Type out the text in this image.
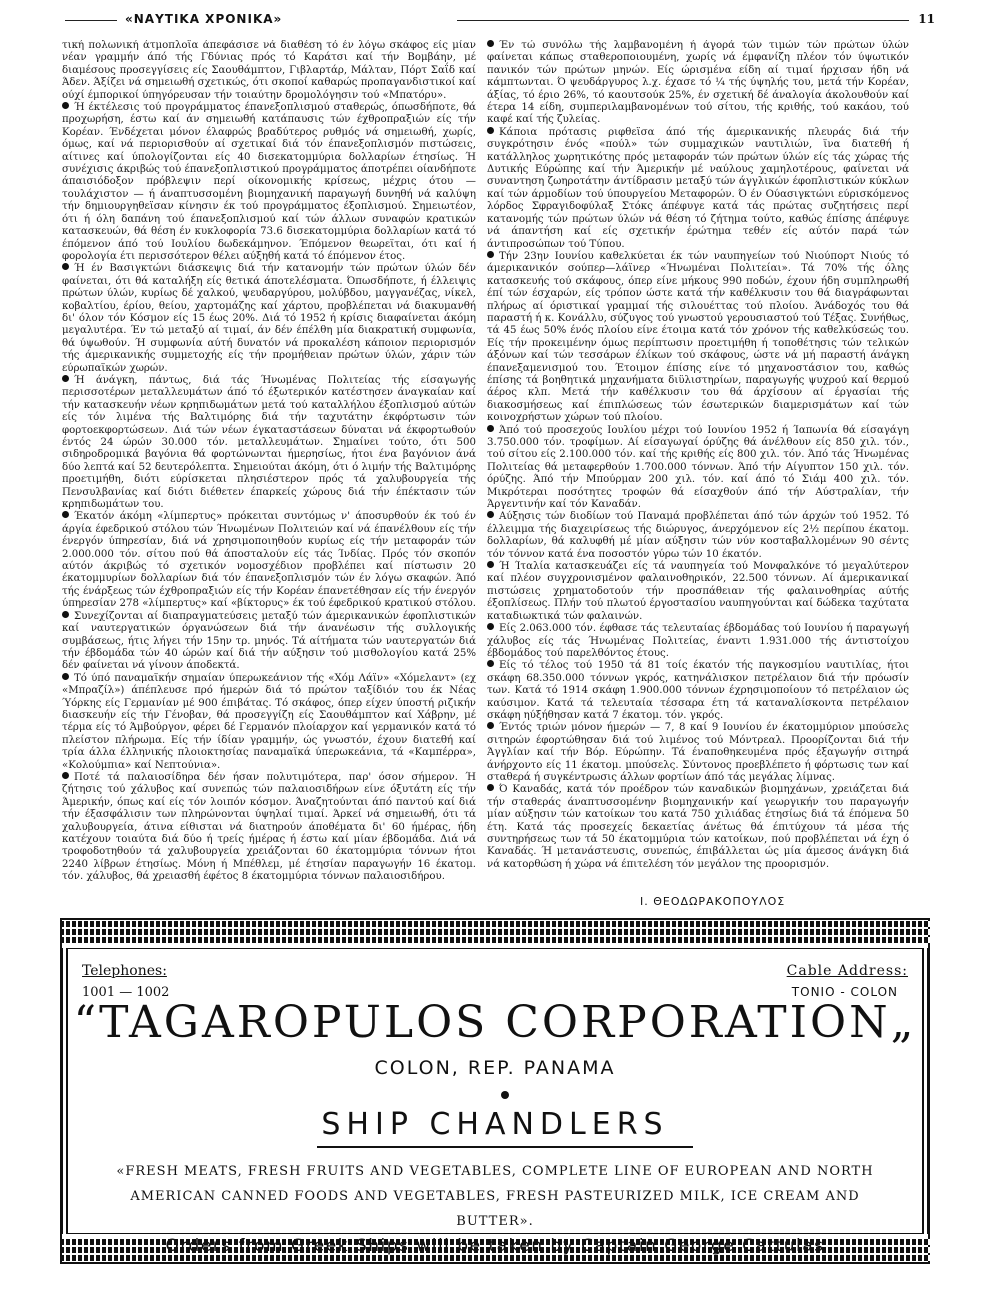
«ΝΑΥΤΙΚΑ ΧΡΟΝΙΚΑ»	11

τική πολωνική άτμοπλοΐα άπεφάσισε νά διαθέση τό έν λόγω σκάφος είς μίαν νέαν γραμμήν άπό τής Γδύνιας πρός τό Καράτσι καί τήν Βομβάην, μέ διαμέσους προσεγγίσεις είς Σαουθάμπτον, Γιβλαρτάρ, Μάλταν, Πόρτ Σαΐδ καί Άδεν. Άξίζει νά σημειωθή σχετικώς, ότι σκοποί καθαρώς προπαγανδιστικοί καί ούχί έμπορικοί ύπηγόρευσαν τήν τοιαύτην δρομολόγησιν τού «Μπατόρυ».

Ή έκτέλεσις τού προγράμματος έπανεξοπλισμού σταθερώς, όπωσδήποτε, θά προχωρήση, έστω καί άν σημειωθή κατάπαυσις τών έχθροπραξιών είς τήν Κορέαν. Ένδέχεται μόνον έλαφρώς βραδύτερος ρυθμός νά σημειωθή, χωρίς, όμως, καί νά περιορισθούν αί σχετικαί διά τόν έπανεξοπλισμόν πιστώσεις, αίτινες καί ύπολογίζονται είς 40 δισεκατομμύρια δολλαρίων έτησίως. Ή συνέχισις άκριβώς τού έπανεξοπλιστικού προγράμματος άποτρέπει οίανδήποτε άπαισιόδοξον πρόβλεψιν περί οίκονομικής κρίσεως, μέχρις ότου — τουλάχιστον — ή άναπτυσσομένη βιομηχανική παραγωγή δυνηθή νά καλύψη τήν δημιουργηθεϊσαν κίνησιν έκ τού προγράμματος έξοπλισμού. Σημειωτέον, ότι ή όλη δαπάνη τού έπανεξοπλισμού καί τών άλλων συναφών κρατικών κατασκευών, θά θέση έν κυκλοφορία 73.6 δισεκατομμύρια δολλαρίων κατά τό έπόμενον άπό τού Ιουλίου δωδεκάμηνον. Έπόμενον θεωρεϊται, ότι καί ή φορολογία έτι περισσότερον θέλει αύξηθή κατά τό έπόμενον έτος.

Ή έν Βασιγκτώνι διάσκεψις διά τήν κατανομήν τών πρώτων ύλών δέν φαίνεται, ότι θά καταλήξη είς θετικά άποτελέσματα. Όπωσδήποτε, ή έλλειψις πρώτων ύλών, κυρίως δέ χαλκού, ψευδαργύρου, μολύβδου, μαγγανέζας, νίκελ, κοβαλτίου, έρίου, θείου, χαρτομάζης καί χάρτου, προβλέπεται νά διακυμανθή δι' όλον τόν Κόσμον είς 15 έως 20%. Διά τό 1952 ή κρίσις διαφαίνεται άκόμη μεγαλυτέρα. Έν τώ μεταξύ αί τιμαί, άν δέν έπέλθη μία διακρατική συμφωνία, θά ύψωθούν. Ή συμφωνία αύτή δυνατόν νά προκαλέση κάποιον περιορισμόν τής άμερικανικής συμμετοχής είς τήν προμήθειαν πρώτων ύλών, χάριν τών εύρωπαϊκών χωρών.

Ή άνάγκη, πάντως, διά τάς Ήνωμένας Πολιτείας τής είσαγωγής περισσοτέρων μεταλλευμάτων άπό τό έξωτερικόν κατέστησεν άναγκαίαν καί τήν κατασκευήν νέων κρηπιδωμάτων μετά τού καταλλήλου έξοπλισμού αύτών είς τόν λιμένα τής Βαλτιμόρης διά τήν ταχυτάτην έκφόρτωσιν τών φορτοεκφορτώσεων. Διά τών νέων έγκαταστάσεων δύναται νά έκφορτωθούν έντός 24 ώρών 30.000 τόν. μεταλλευμάτων. Σημαίνει τούτο, ότι 500 σιδηροδρομικά βαγόνια θά φορτώνωνται ήμερησίως, ήτοι ένα βαγόνιον άνά δύο λεπτά καί 52 δευτερόλεπτα. Σημειούται άκόμη, ότι ό λιμήν τής Βαλτιμόρης προετιμήθη, διότι εύρίσκεται πλησιέστερον πρός τά χαλυβουργεία τής Πενσυλβανίας καί διότι διέθετεν έπαρκείς χώρους διά τήν έπέκτασιν τών κρηπιδωμάτων του.

Έκατόν άκόμη «λίμπερτυς» πρόκειται συντόμως ν' άποσυρθούν έκ τού έν άργία έφεδρικού στόλου τών Ήνωμένων Πολιτειών καί νά έπανέλθουν είς τήν ένεργόν ύπηρεσίαν, διά νά χρησιμοποιηθούν κυρίως είς τήν μεταφοράν τών 2.000.000 τόν. σίτου πού θά άποσταλούν είς τάς Ίνδίας. Πρός τόν σκοπόν αύτόν άκριβώς τό σχετικόν νομοσχέδιον προβλέπει καί πίστωσιν 20 έκατομμυρίων δολλαρίων διά τόν έπανεξοπλισμόν τών έν λόγω σκαφών. Άπό τής ένάρξεως τών έχθροπραξιών είς τήν Κορέαν έπανετέθησαν είς τήν ένεργόν ύπηρεσίαν 278 «λίμπερτυς» καί «βίκτορυς» έκ τού έφεδρικού κρατικού στόλου.

Συνεχίζονται αί διαπραγματεύσεις μεταξύ τών άμερικανικών έφοπλιστικών καί ναυτεργατικών όργανώσεων διά τήν άνανέωσιν τής συλλογικής συμβάσεως, ήτις λήγει τήν 15ην τρ. μηνός. Τά αίτήματα τών ναυτεργατών διά τήν έβδομάδα τών 40 ώρών καί διά τήν αύξησιν τού μισθολογίου κατά 25% δέν φαίνεται νά γίνουν άποδεκτά.

Τό ύπό παναμαϊκήν σημαίαν ύπερωκεάνιον τής «Χόμ Λάϊν» «Χόμελαντ» (εχ «Μπραζίλ») άπέπλευσε πρό ήμερών διά τό πρώτον ταξίδιόν του έκ Νέας Ύόρκης είς Γερμανίαν μέ 900 έπιβάτας. Τό σκάφος, όπερ είχεν ύποστή ριζικήν διασκευήν είς τήν Γένοβαν, θά προσεγγίζη είς Σαουθάμπτον καί Χάβρην, μέ τέρμα είς τό Άμβούργον, φέρει δέ Γερμανόν πλοίαρχον καί γερμανικόν κατά τό πλείστον πλήρωμα. Είς τήν ίδίαν γραμμήν, ώς γνωστόν, έχουν διατεθή καί τρία άλλα έλληνικής πλοιοκτησίας παναμαϊκά ύπερωκεάνια, τά «Καμπέρρα», «Κολούμπια» καί Νεπτούνια».

Ποτέ τά παλαιοσίδηρα δέν ήσαν πολυτιμότερα, παρ' όσον σήμερον. Ή ζήτησις τού χάλυβος καί συνεπώς τών παλαιοσιδήρων είνε όξυτάτη είς τήν Άμερικήν, όπως καί είς τόν λοιπόν κόσμον. Άναζητούνται άπό παντού καί διά τήν έξασφάλισιν των πληρώνονται ύψηλαί τιμαί. Άρκεί νά σημειωθή, ότι τά χαλυβουργεία, άτινα είθισται νά διατηρούν άποθέματα δι' 60 ήμέρας, ήδη κατέχουν τοιαύτα διά δύο ή τρείς ήμέρας ή έστω καί μίαν έβδομάδα. Διά νά τροφοδοτηθούν τά χαλυβουργεία χρειάζονται 60 έκατομμύρια τόννων ήτοι 2240 λίβρων έτησίως. Μόνη ή Μπέθλεμ, μέ έτησίαν παραγωγήν 16 έκατομ. τόν. χάλυβος, θά χρειασθή έφέτος 8 έκατομμύρια τόννων παλαιοσιδήρου.

Έν τώ συνόλω τής λαμβανομένη ή άγορά τών τιμών τών πρώτων ύλών φαίνεται κάπως σταθεροποιουμένη, χωρίς νά έμφανίζη πλέον τόν ύψωτικόν πανικόν τών πρώτων μηνών. Είς ώρισμένα είδη αί τιμαί ήρχισαν ήδη νά κάμπτωνται. Ό ψευδάργυρος λ.χ. έχασε τό ¼ τής ύψηλής του, μετά τήν Κορέαν, άξίας, τό έριο 26%, τό καουτσούκ 25%, έν σχετική δέ άναλογία άκολουθούν καί έτερα 14 είδη, συμπεριλαμβανομένων τού σίτου, τής κριθής, τού κακάου, τού καφέ καί τής ζυλείας.

Κάποια πρότασις ριφθεϊσα άπό τής άμερικανικής πλευράς διά τήν συγκρότησιν ένός «πούλ» τών συμμαχικών ναυτιλιών, ϊνα διατεθή ή κατάλληλος χωρητικότης πρός μεταφοράν τών πρώτων ύλών είς τάς χώρας τής Δυτικής Εύρώπης καί τήν Άμερικήν μέ ναύλους χαμηλοτέρους, φαίνεται νά συναντηση ζωηροτάτην άντίδρασιν μεταξύ τών άγγλικών έφοπλιστικών κύκλων καί τών άρμοδίων τού ύπουργείου Μεταφορών. Ό έν Ούασιγκτώνι εύρισκόμενος λόρδος Σφραγιδοφύλαξ Στόκς άπέφυγε κατά τάς πρώτας συζητήσεις περί κατανομής τών πρώτων ύλών νά θέση τό ζήτημα τούτο, καθώς έπίσης άπέφυγε νά άπαντήση καί είς σχετικήν έρώτημα τεθέν είς αύτόν παρά τών άντιπροσώπων τού Τύπου.

Τήν 23ην Ιουνίου καθελκύεται έκ τών ναυπηγείων τού Νιούπορτ Νιούς τό άμερικανικόν σούπερ—λάϊνερ «Ήνωμέναι Πολιτείαι». Τά 70% τής όλης κατασκευής τού σκάφους, όπερ είνε μήκους 990 ποδών, έχουν ήδη συμπληρωθή έπί τών έσχαρών, είς τρόπον ώστε κατά τήν καθέλκυσιν του θά διαγράφωνται πλήρως αί όριστικαί γραμμαί τής σιλουέττας τού πλοίου. Άνάδοχός του θά παραστή ή κ. Κονάλλυ, σύζυγος τού γνωστού γερουσιαστού τού Τέξας. Συνήθως, τά 45 έως 50% ένός πλοίου είνε έτοιμα κατά τόν χρόνον τής καθελκύσεώς του. Είς τήν προκειμένην όμως περίπτωσιν προετιμήθη ή τοποθέτησις τών τελικών άξόνων καί τών τεσσάρων έλίκων τού σκάφους, ώστε νά μή παραστή άνάγκη έπανεξαμενισμού του. Έτοιμον έπίσης είνε τό μηχανοστάσιον του, καθώς έπίσης τά βοηθητικά μηχανήματα διϋλιστηρίων, παραγωγής ψυχρού καί θερμού άέρος κλπ. Μετά τήν καθέλκυσιν του θά άρχίσουν αί έργασίαι τής διακοσμήσεως καί έπιπλώσεως τών έσωτερικών διαμερισμάτων καί τών κοινοχρήστων χώρων τού πλοίου.

Άπό τού προσεχούς Ιουλίου μέχρι τού Ιουνίου 1952 ή Ίαπωνία θά είσαγάγη 3.750.000 τόν. τροφίμων. Αί είσαγωγαί όρύζης θά άνέλθουν είς 850 χιλ. τόν., τού σίτου είς 2.100.000 τόν. καί τής κριθής είς 800 χιλ. τόν. Άπό τάς Ήνωμένας Πολιτείας θά μεταφερθούν 1.700.000 τόννων. Άπό τήν Αίγυπτον 150 χιλ. τόν. όρύζης. Άπό τήν Μπούρμαν 200 χιλ. τόν. καί άπό τό Σιάμ 400 χιλ. τόν. Μικρότεραι ποσότητες τροφών θά είσαχθούν άπό τήν Αύστραλίαν, τήν Άργεντινήν καί τόν Καναδάν.

Αύξησις τών διοδίων τού Παναμά προβλέπεται άπό τών άρχών τού 1952. Τό έλλειμμα τής διαχειρίσεως τής διώρυγος, άνερχόμενον είς 2½ περίπου έκατομ. δολλαρίων, θά καλυφθή μέ μίαν αύξησιν τών νύν κοσταβαλλομένων 90 σέντς τόν τόννον κατά ένα ποσοστόν γύρω τών 10 έκατόν.

Ή Ίταλία κατασκευάζει είς τά ναυπηγεία τού Μονφαλκόνε τό μεγαλύτερον καί πλέον συγχρονισμένον φαλαινοθηρικόν, 22.500 τόννων. Αί άμερικανικαί πιστώσεις χρηματοδοτούν τήν προσπάθειαν τής φαλαινοθηρίας αύτής έξοπλίσεως. Πλήν τού πλωτού έργοστασίου ναυπηγούνται καί δώδεκα ταχύτατα καταδιωκτικά τών φαλαινών.

Είς 2.063.000 τόν. έφθασε τάς τελευταίας έβδομάδας τού Ιουνίου ή παραγωγή χάλυβος είς τάς Ήνωμένας Πολιτείας, έναντι 1.931.000 τής άντιστοίχου έβδομάδος τού παρελθόντος έτους.

Είς τό τέλος τού 1950 τά 81 τοίς έκατόν τής παγκοσμίου ναυτιλίας, ήτοι σκάφη 68.350.000 τόννων γκρός, κατηνάλισκον πετρέλαιον διά τήν πρόωσίν των. Κατά τό 1914 σκάφη 1.900.000 τόννων έχρησιμοποίουν τό πετρέλαιον ώς καύσιμον. Κατά τά τελευταία τέσσαρα έτη τά καταναλίσκοντα πετρέλαιον σκάφη ηύξήθησαν κατά 7 έκατομ. τόν. γκρός.

Έντός τριών μόνον ήμερών — 7, 8 καί 9 Ιουνίου έν έκατομμύριον μπούσελς σιτηρών έφορτώθησαν διά τού λιμένος τού Μόντρεαλ. Προορίζονται διά τήν Άγγλίαν καί τήν Βόρ. Εύρώπην. Τά έναποθηκευμένα πρός έξαγωγήν σιτηρά άνήρχοντο είς 11 έκατομ. μπούσελς. Σύντονος προεβλέπετο ή φόρτωσις των καί σταθερά ή συγκέντρωσις άλλων φορτίων άπό τάς μεγάλας λίμνας.

Ό Καναδάς, κατά τόν προέδρον τών καναδικών βιομηχάνων, χρειάζεται διά τήν σταθεράς άναπτυσσομένην βιομηχανικήν καί γεωργικήν του παραγωγήν μίαν αύξησιν τών κατοίκων του κατά 750 χιλιάδας έτησίως διά τά έπόμενα 50 έτη. Κατά τάς προσεχείς δεκαετίας άνέτως θά έπιτύχουν τά μέσα τής συντηρήσεως των τά 50 έκατομμύρια τών κατοίκων, πού προβλέπεται νά έχη ό Καναδάς. Ή μετανάστευσις, συνεπώς, έπιβάλλεται ώς μία άμεσος άνάγκη διά νά κατορθώση ή χώρα νά έπιτελέση τόν μεγάλον της προορισμόν.

Ι. ΘΕΟΔΩΡΑΚΟΠΟΥΛΟΣ
Telephones:
1001 — 1002
Cable Address:
TONIO - COLON
“TAGAROPULOS CORPORATION„
COLON, REP. PANAMA
SHIP CHANDLERS
«FRESH MEATS, FRESH FRUITS AND VEGETABLES, COMPLETE LINE OF EUROPEAN AND NORTH AMERICAN CANNED FOODS AND VEGETABLES, FRESH PASTEURIZED MILK, ICE CREAM AND BUTTER».
Orders from Greek Ships will be taken by Captain George Cattulas
